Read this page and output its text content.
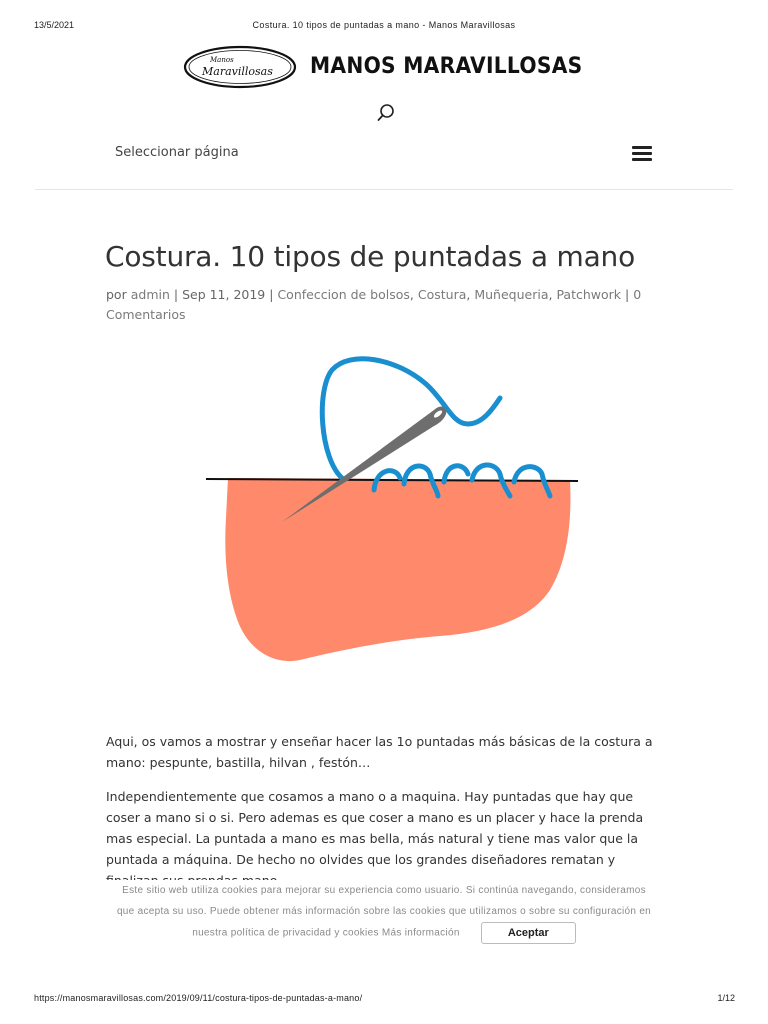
13/5/2021	Costura. 10 tipos de puntadas a mano - Manos Maravillosas
Manos
Maravillosas MANOS MARAVILLOSAS
Seleccionar página
Costura. 10 tipos de puntadas a mano
por admin | Sep 11, 2019 | Confeccion de bolsos, Costura, Muñequeria, Patchwork | 0 Comentarios

Aqui, os vamos a mostrar y enseñar hacer las 1o puntadas más básicas de la costura a mano: pespunte, bastilla, hilvan , festón…

Independientemente que cosamos a mano o a maquina. Hay puntadas que hay que coser a mano si o si. Pero ademas es que coser a mano es un placer y hace la prenda mas especial. La puntada a mano es mas bella, más natural y tiene mas valor que la puntada a máquina. De hecho no olvides que los grandes diseñadores rematan y

Este sitio web utiliza cookies para mejorar su experiencia como usuario. Si continúa navegando, consideramos
que acepta su uso. Puede obtener más información sobre las cookies que utilizamos o sobre su configuración en
nuestra política de privacidad y cookies Más información	Aceptar
https://manosmaravillosas.com/2019/09/11/costura-tipos-de-puntadas-a-mano/	1/12
